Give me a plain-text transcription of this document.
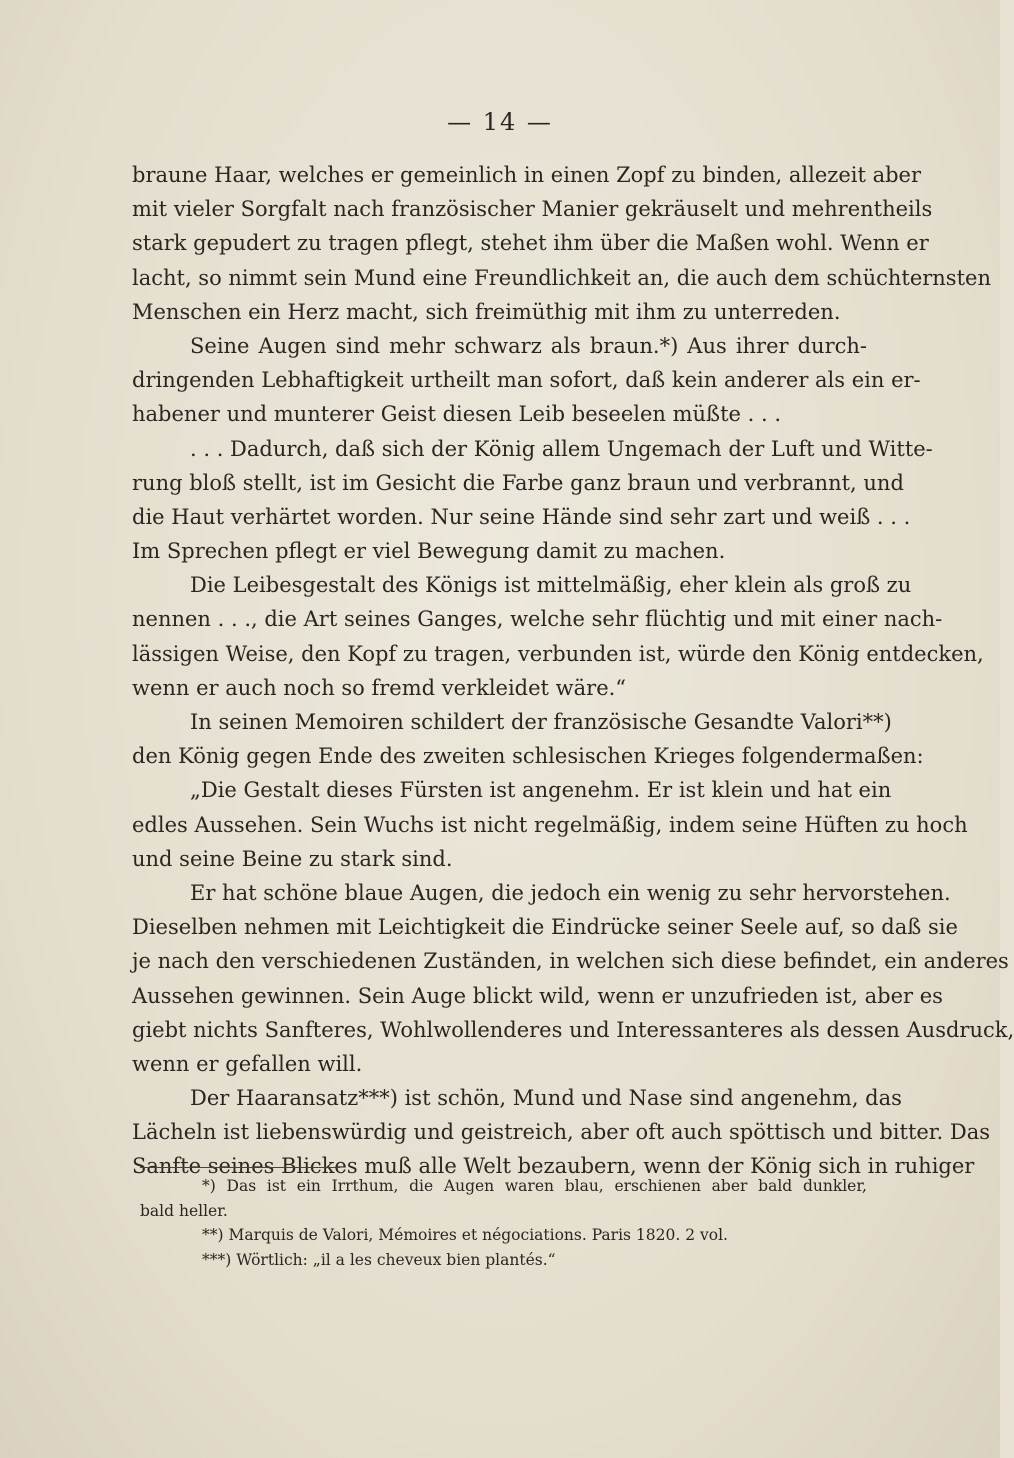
— 14 —
braune Haar, welches er gemeinlich in einen Zopf zu binden, allezeit aber
mit vieler Sorgfalt nach französischer Manier gekräuselt und mehrentheils
stark gepudert zu tragen pflegt, stehet ihm über die Maßen wohl. Wenn er
lacht, so nimmt sein Mund eine Freundlichkeit an, die auch dem schüchternsten
Menschen ein Herz macht, sich freimüthig mit ihm zu unterreden.
Seine Augen sind mehr schwarz als braun.*) Aus ihrer durch-
dringenden Lebhaftigkeit urtheilt man sofort, daß kein anderer als ein er-
habener und munterer Geist diesen Leib beseelen müßte . . .
. . . Dadurch, daß sich der König allem Ungemach der Luft und Witte-
rung bloß stellt, ist im Gesicht die Farbe ganz braun und verbrannt, und
die Haut verhärtet worden. Nur seine Hände sind sehr zart und weiß . . .
Im Sprechen pflegt er viel Bewegung damit zu machen.
Die Leibesgestalt des Königs ist mittelmäßig, eher klein als groß zu
nennen . . ., die Art seines Ganges, welche sehr flüchtig und mit einer nach-
lässigen Weise, den Kopf zu tragen, verbunden ist, würde den König entdecken,
wenn er auch noch so fremd verkleidet wäre.“
In seinen Memoiren schildert der französische Gesandte Valori**)
den König gegen Ende des zweiten schlesischen Krieges folgendermaßen:
„Die Gestalt dieses Fürsten ist angenehm. Er ist klein und hat ein
edles Aussehen. Sein Wuchs ist nicht regelmäßig, indem seine Hüften zu hoch
und seine Beine zu stark sind.
Er hat schöne blaue Augen, die jedoch ein wenig zu sehr hervorstehen.
Dieselben nehmen mit Leichtigkeit die Eindrücke seiner Seele auf, so daß sie
je nach den verschiedenen Zuständen, in welchen sich diese befindet, ein anderes
Aussehen gewinnen. Sein Auge blickt wild, wenn er unzufrieden ist, aber es
giebt nichts Sanfteres, Wohlwollenderes und Interessanteres als dessen Ausdruck,
wenn er gefallen will.
Der Haaransatz***) ist schön, Mund und Nase sind angenehm, das
Lächeln ist liebenswürdig und geistreich, aber oft auch spöttisch und bitter. Das
Sanfte seines Blickes muß alle Welt bezaubern, wenn der König sich in ruhiger
*) Das ist ein Irrthum, die Augen waren blau, erschienen aber bald dunkler,
bald heller.
**) Marquis de Valori, Mémoires et négociations. Paris 1820. 2 vol.
***) Wörtlich: „il a les cheveux bien plantés.“
